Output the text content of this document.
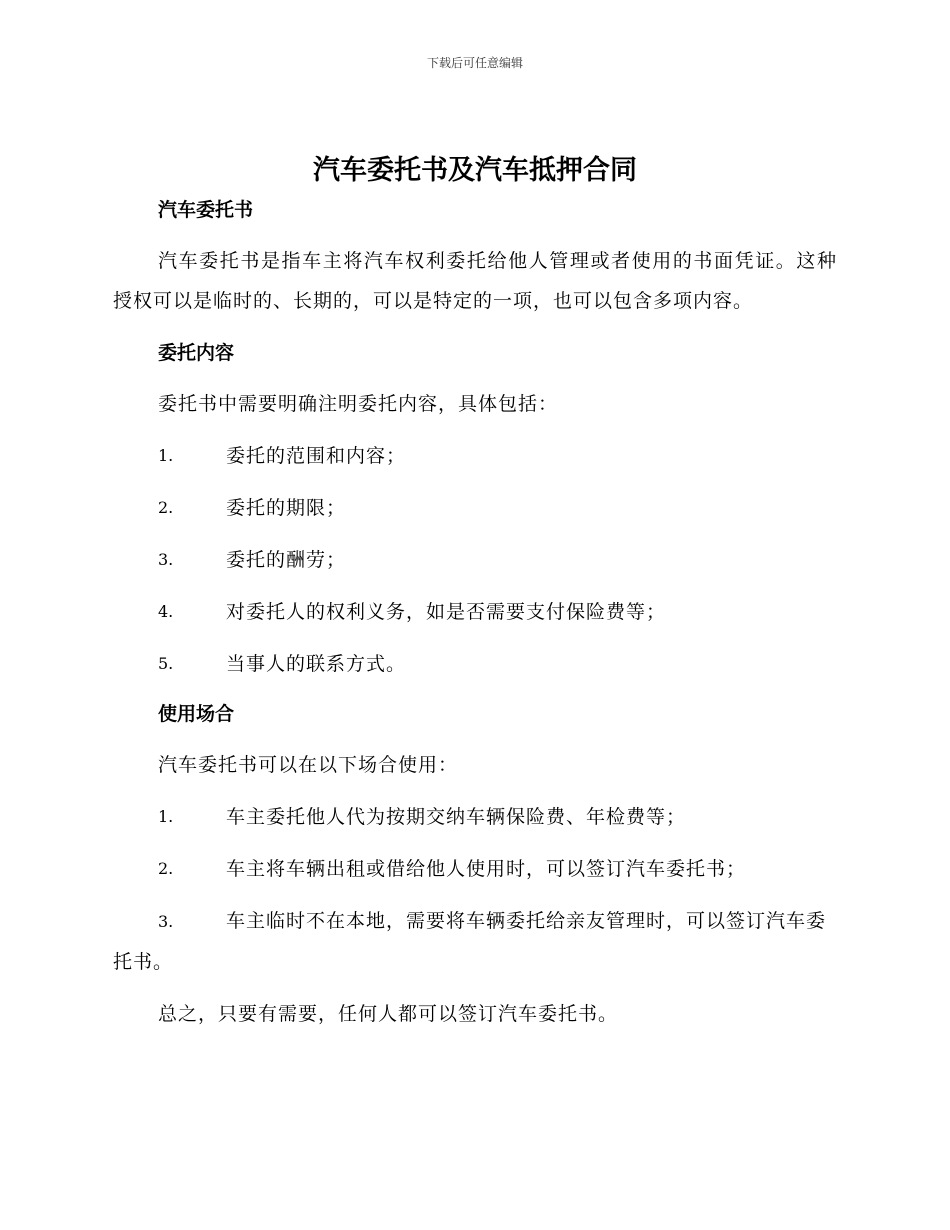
下载后可任意编辑
汽车委托书及汽车抵押合同
汽车委托书
汽车委托书是指车主将汽车权利委托给他人管理或者使用的书面凭证。这种授权可以是临时的、长期的，可以是特定的一项，也可以包含多项内容。
委托内容
委托书中需要明确注明委托内容，具体包括：
1.	委托的范围和内容；
2.	委托的期限；
3.	委托的酬劳；
4.	对委托人的权利义务，如是否需要支付保险费等；
5.	当事人的联系方式。
使用场合
汽车委托书可以在以下场合使用：
1.	车主委托他人代为按期交纳车辆保险费、年检费等；
2.	车主将车辆出租或借给他人使用时，可以签订汽车委托书；
3.	车主临时不在本地，需要将车辆委托给亲友管理时，可以签订汽车委托书。
总之，只要有需要，任何人都可以签订汽车委托书。
